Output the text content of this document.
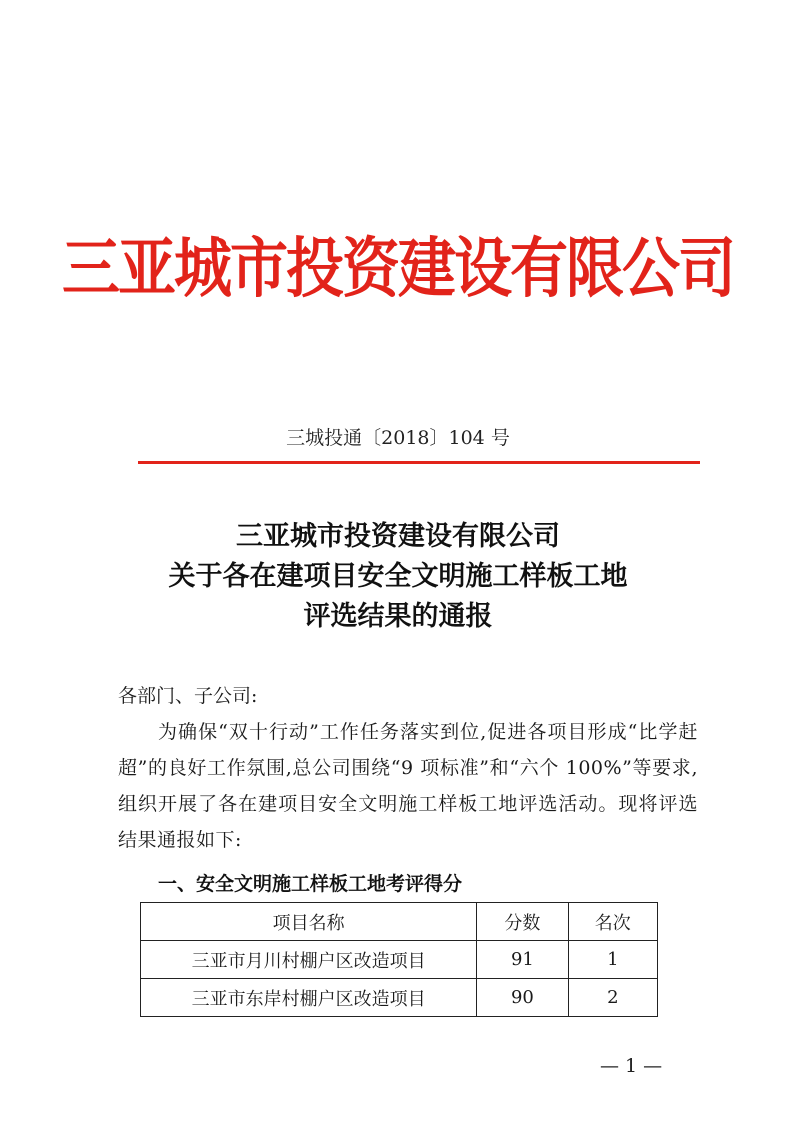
三亚城市投资建设有限公司
三城投通〔2018〕104 号
三亚城市投资建设有限公司
关于各在建项目安全文明施工样板工地
评选结果的通报
各部门、子公司:
为确保“双十行动”工作任务落实到位,促进各项目形成“比学赶超”的良好工作氛围,总公司围绕“9 项标准”和“六个 100%”等要求,组织开展了各在建项目安全文明施工样板工地评选活动。现将评选结果通报如下:
一、安全文明施工样板工地考评得分
项目名称	分数	名次
三亚市月川村棚户区改造项目	91	1
三亚市东岸村棚户区改造项目	90	2
— 1 —
